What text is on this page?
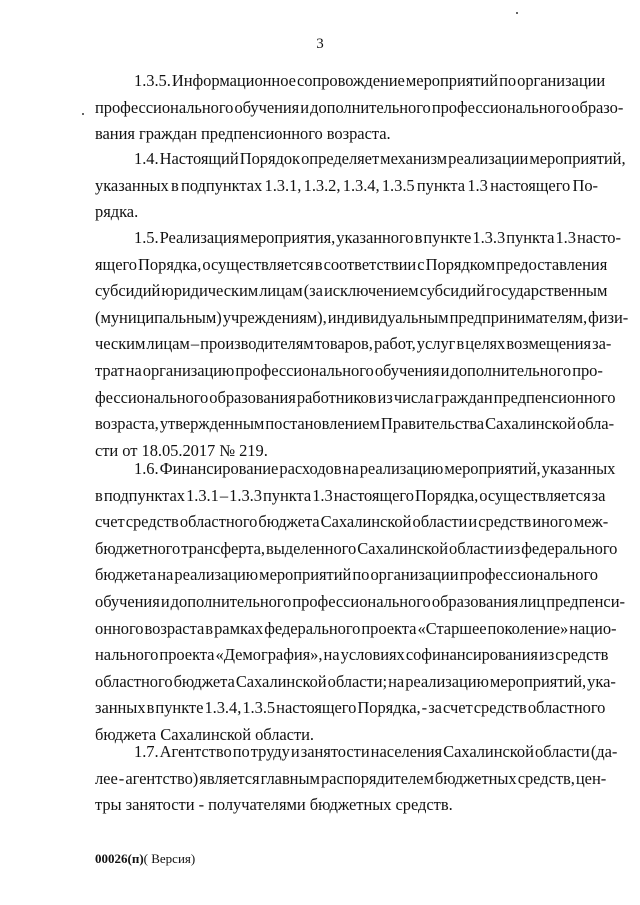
3
1.3.5. Информационное сопровождение мероприятий по организации
профессионального обучения и дополнительного профессионального образо-
вания граждан предпенсионного возраста.
1.4. Настоящий Порядок определяет механизм реализации мероприятий,
указанных в подпунктах 1.3.1, 1.3.2, 1.3.4, 1.3.5 пункта 1.3 настоящего По-
рядка.
1.5. Реализация мероприятия, указанного в пункте 1.3.3 пункта 1.3 насто-
ящего Порядка, осуществляется в соответствии с Порядком предоставления
субсидий юридическим лицам (за исключением субсидий государственным
(муниципальным) учреждениям), индивидуальным предпринимателям, физи-
ческим лицам – производителям товаров, работ, услуг в целях возмещения за-
трат на организацию профессионального обучения и дополнительного про-
фессионального образования работников из числа граждан предпенсионного
возраста, утвержденным постановлением Правительства Сахалинской обла-
сти от 18.05.2017 № 219.
1.6. Финансирование расходов на реализацию мероприятий, указанных
в подпунктах 1.3.1 – 1.3.3 пункта 1.3 настоящего Порядка, осуществляется за
счет средств областного бюджета Сахалинской области и средств иного меж-
бюджетного трансферта, выделенного Сахалинской области из федерального
бюджета на реализацию мероприятий по организации профессионального
обучения и дополнительного профессионального образования лиц предпенси-
онного возраста в рамках федерального проекта «Старшее поколение» нацио-
нального проекта «Демография», на условиях софинансирования из средств
областного бюджета Сахалинской области; на реализацию мероприятий, ука-
занных в пункте 1.3.4, 1.3.5 настоящего Порядка, - за счет средств областного
бюджета Сахалинской области.
1.7. Агентство по труду и занятости населения Сахалинской области (да-
лее - агентство) является главным распорядителем бюджетных средств, цен-
тры занятости - получателями бюджетных средств.
00026(п)( Версия)
